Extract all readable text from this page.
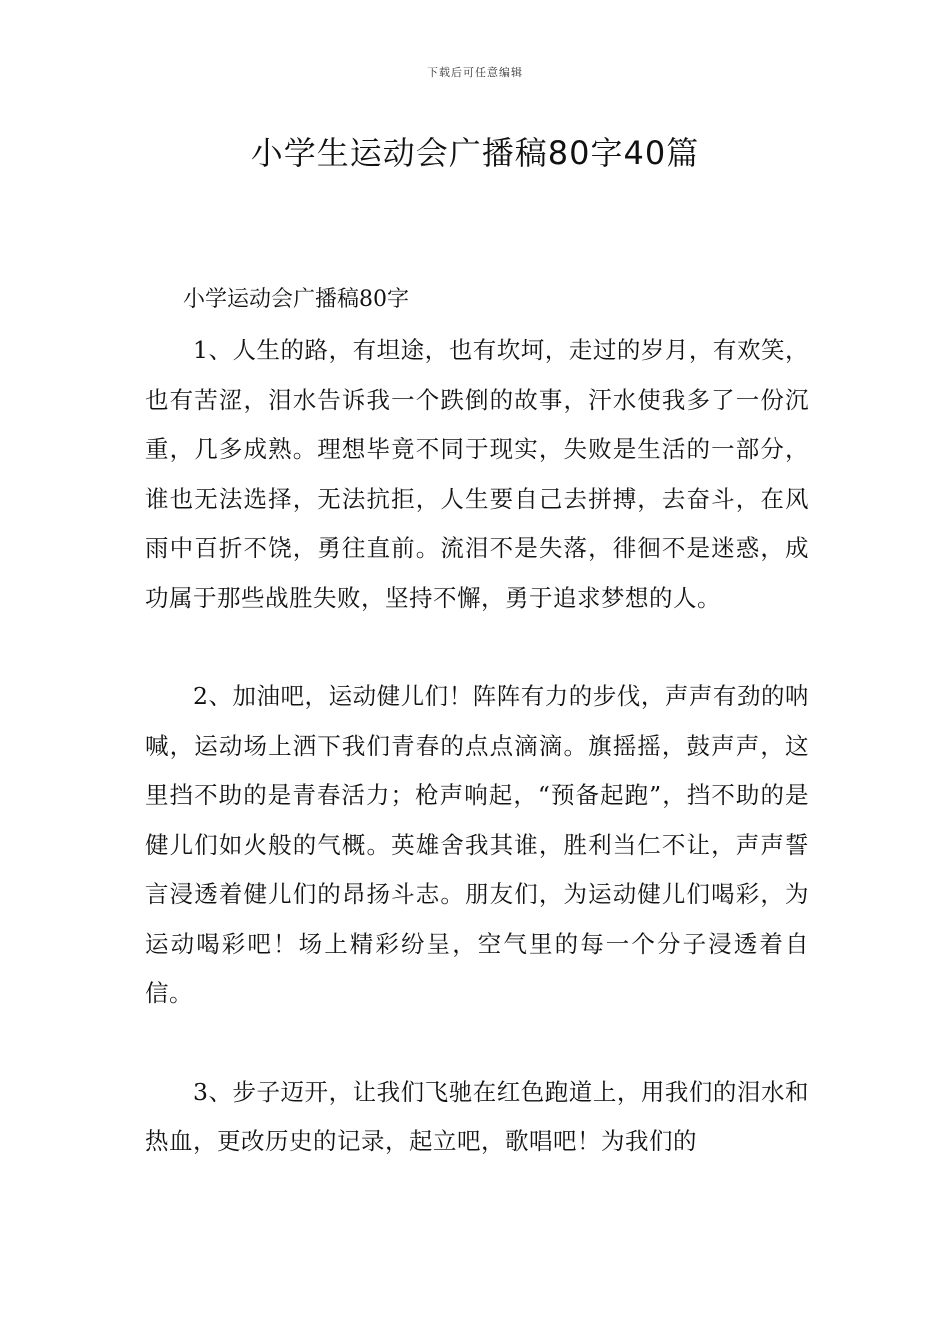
下载后可任意编辑
小学生运动会广播稿80字40篇

小学运动会广播稿80字

1、人生的路，有坦途，也有坎坷，走过的岁月，有欢笑，也有苦涩，泪水告诉我一个跌倒的故事，汗水使我多了一份沉重，几多成熟。理想毕竟不同于现实，失败是生活的一部分，谁也无法选择，无法抗拒，人生要自己去拼搏，去奋斗，在风雨中百折不饶，勇往直前。流泪不是失落，徘徊不是迷惑，成功属于那些战胜失败，坚持不懈，勇于追求梦想的人。

2、加油吧，运动健儿们！阵阵有力的步伐，声声有劲的呐喊，运动场上洒下我们青春的点点滴滴。旗摇摇，鼓声声，这里挡不助的是青春活力；枪声响起，“预备起跑”，挡不助的是健儿们如火般的气概。英雄舍我其谁，胜利当仁不让，声声誓言浸透着健儿们的昂扬斗志。朋友们，为运动健儿们喝彩，为运动喝彩吧！场上精彩纷呈，空气里的每一个分子浸透着自信。

3、步子迈开，让我们飞驰在红色跑道上，用我们的泪水和热血，更改历史的记录，起立吧，歌唱吧！为我们的
